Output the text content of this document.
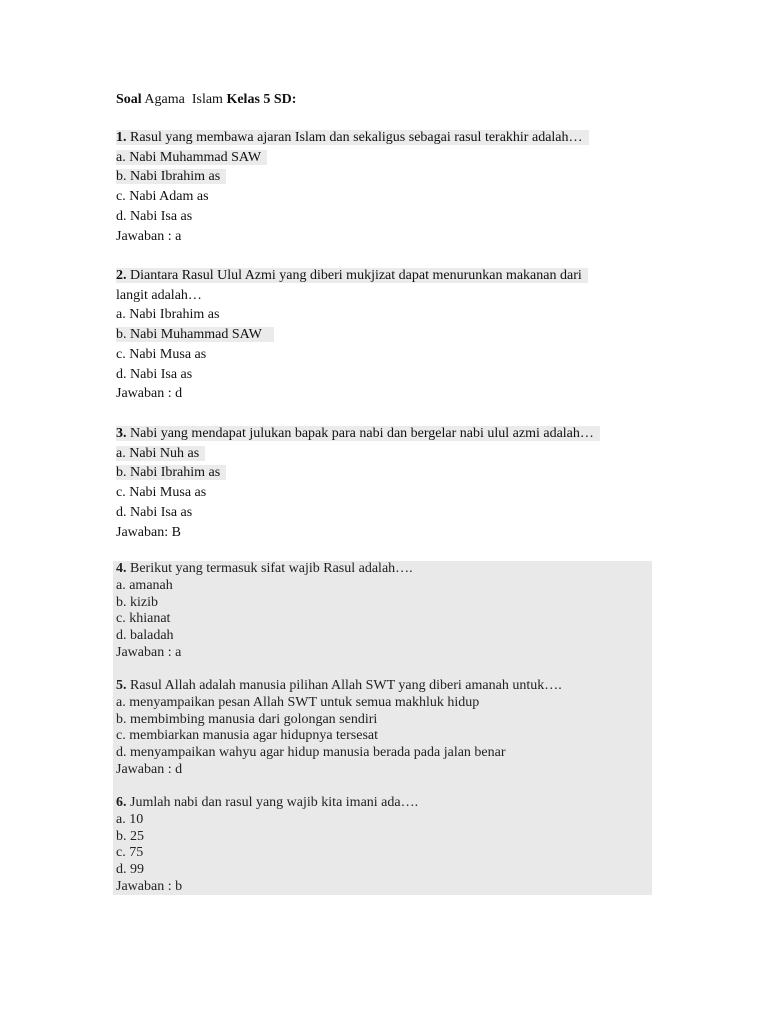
Soal Agama  Islam Kelas 5 SD:
1. Rasul yang membawa ajaran Islam dan sekaligus sebagai rasul terakhir adalah…
a. Nabi Muhammad SAW
b. Nabi Ibrahim as
c. Nabi Adam as
d. Nabi Isa as
Jawaban : a
2. Diantara Rasul Ulul Azmi yang diberi mukjizat dapat menurunkan makanan dari
langit adalah…
a. Nabi Ibrahim as
b. Nabi Muhammad SAW
c. Nabi Musa as
d. Nabi Isa as
Jawaban : d
3. Nabi yang mendapat julukan bapak para nabi dan bergelar nabi ulul azmi adalah…
a. Nabi Nuh as
b. Nabi Ibrahim as
c. Nabi Musa as
d. Nabi Isa as
Jawaban: B
4. Berikut yang termasuk sifat wajib Rasul adalah….
a. amanah
b. kizib
c. khianat
d. baladah
Jawaban : a
5. Rasul Allah adalah manusia pilihan Allah SWT yang diberi amanah untuk….
a. menyampaikan pesan Allah SWT untuk semua makhluk hidup
b. membimbing manusia dari golongan sendiri
c. membiarkan manusia agar hidupnya tersesat
d. menyampaikan wahyu agar hidup manusia berada pada jalan benar
Jawaban : d
6. Jumlah nabi dan rasul yang wajib kita imani ada….
a. 10
b. 25
c. 75
d. 99
Jawaban : b
